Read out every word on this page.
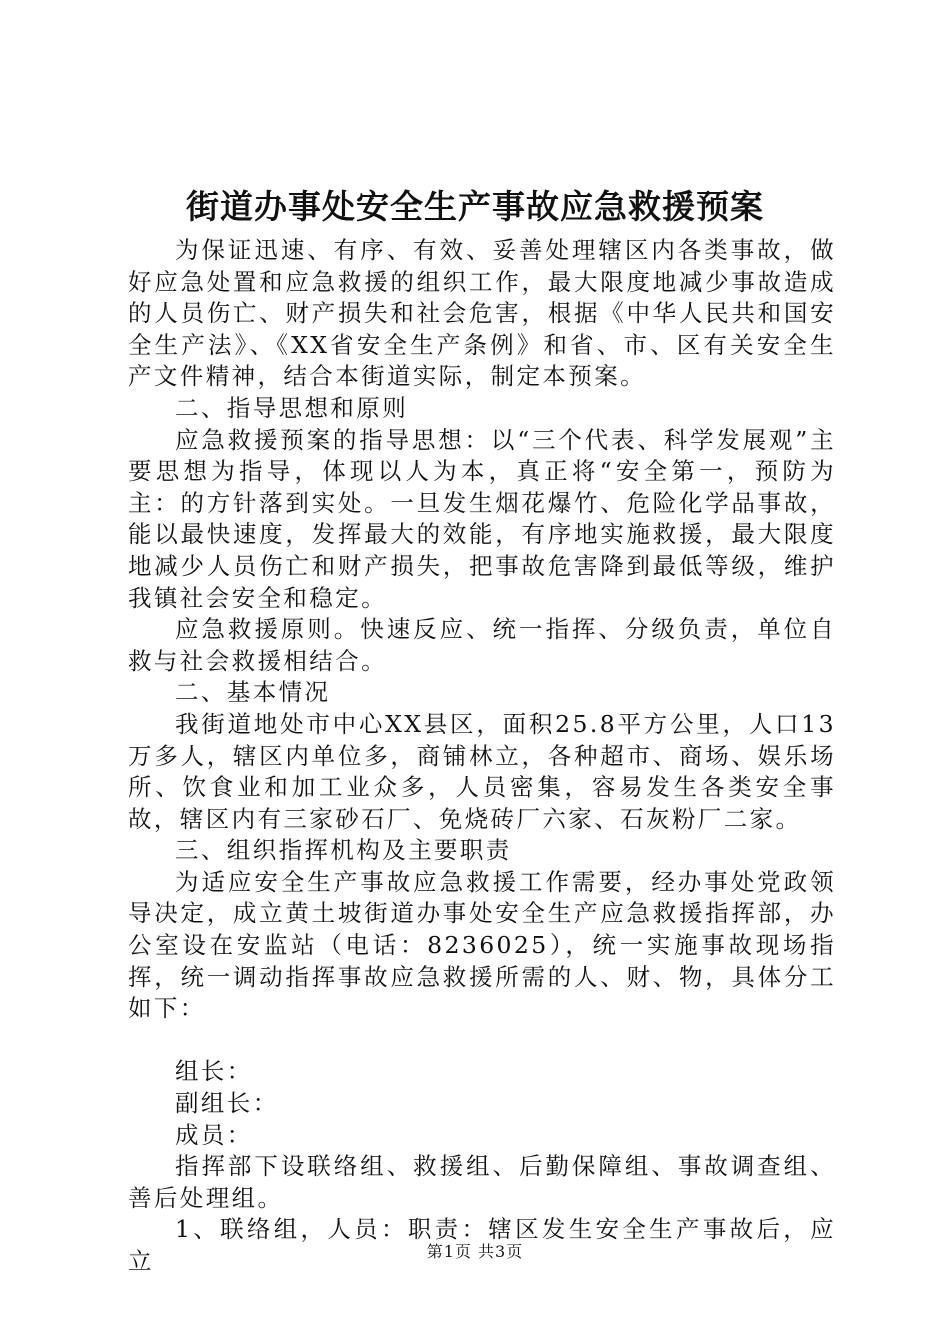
街道办事处安全生产事故应急救援预案

为保证迅速、有序、有效、妥善处理辖区内各类事故，做好应急处置和应急救援的组织工作，最大限度地减少事故造成的人员伤亡、财产损失和社会危害，根据《中华人民共和国安全生产法》、《XX省安全生产条例》和省、市、区有关安全生产文件精神，结合本街道实际，制定本预案。

二、指导思想和原则

应急救援预案的指导思想：以“三个代表、科学发展观”主要思想为指导，体现以人为本，真正将“安全第一，预防为主：的方针落到实处。一旦发生烟花爆竹、危险化学品事故，能以最快速度，发挥最大的效能，有序地实施救援，最大限度地减少人员伤亡和财产损失，把事故危害降到最低等级，维护我镇社会安全和稳定。

应急救援原则。快速反应、统一指挥、分级负责，单位自救与社会救援相结合。

二、基本情况

我街道地处市中心XX县区，面积25.8平方公里，人口13万多人，辖区内单位多，商铺林立，各种超市、商场、娱乐场所、饮食业和加工业众多，人员密集，容易发生各类安全事故，辖区内有三家砂石厂、免烧砖厂六家、石灰粉厂二家。

三、组织指挥机构及主要职责

为适应安全生产事故应急救援工作需要，经办事处党政领导决定，成立黄土坡街道办事处安全生产应急救援指挥部，办公室设在安监站（电话：8236025），统一实施事故现场指挥，统一调动指挥事故应急救援所需的人、财、物，具体分工如下：

组长：

副组长：

成员：

指挥部下设联络组、救援组、后勤保障组、事故调查组、善后处理组。

1、联络组，人员：职责：辖区发生安全生产事故后，应立	第1页 共3页
